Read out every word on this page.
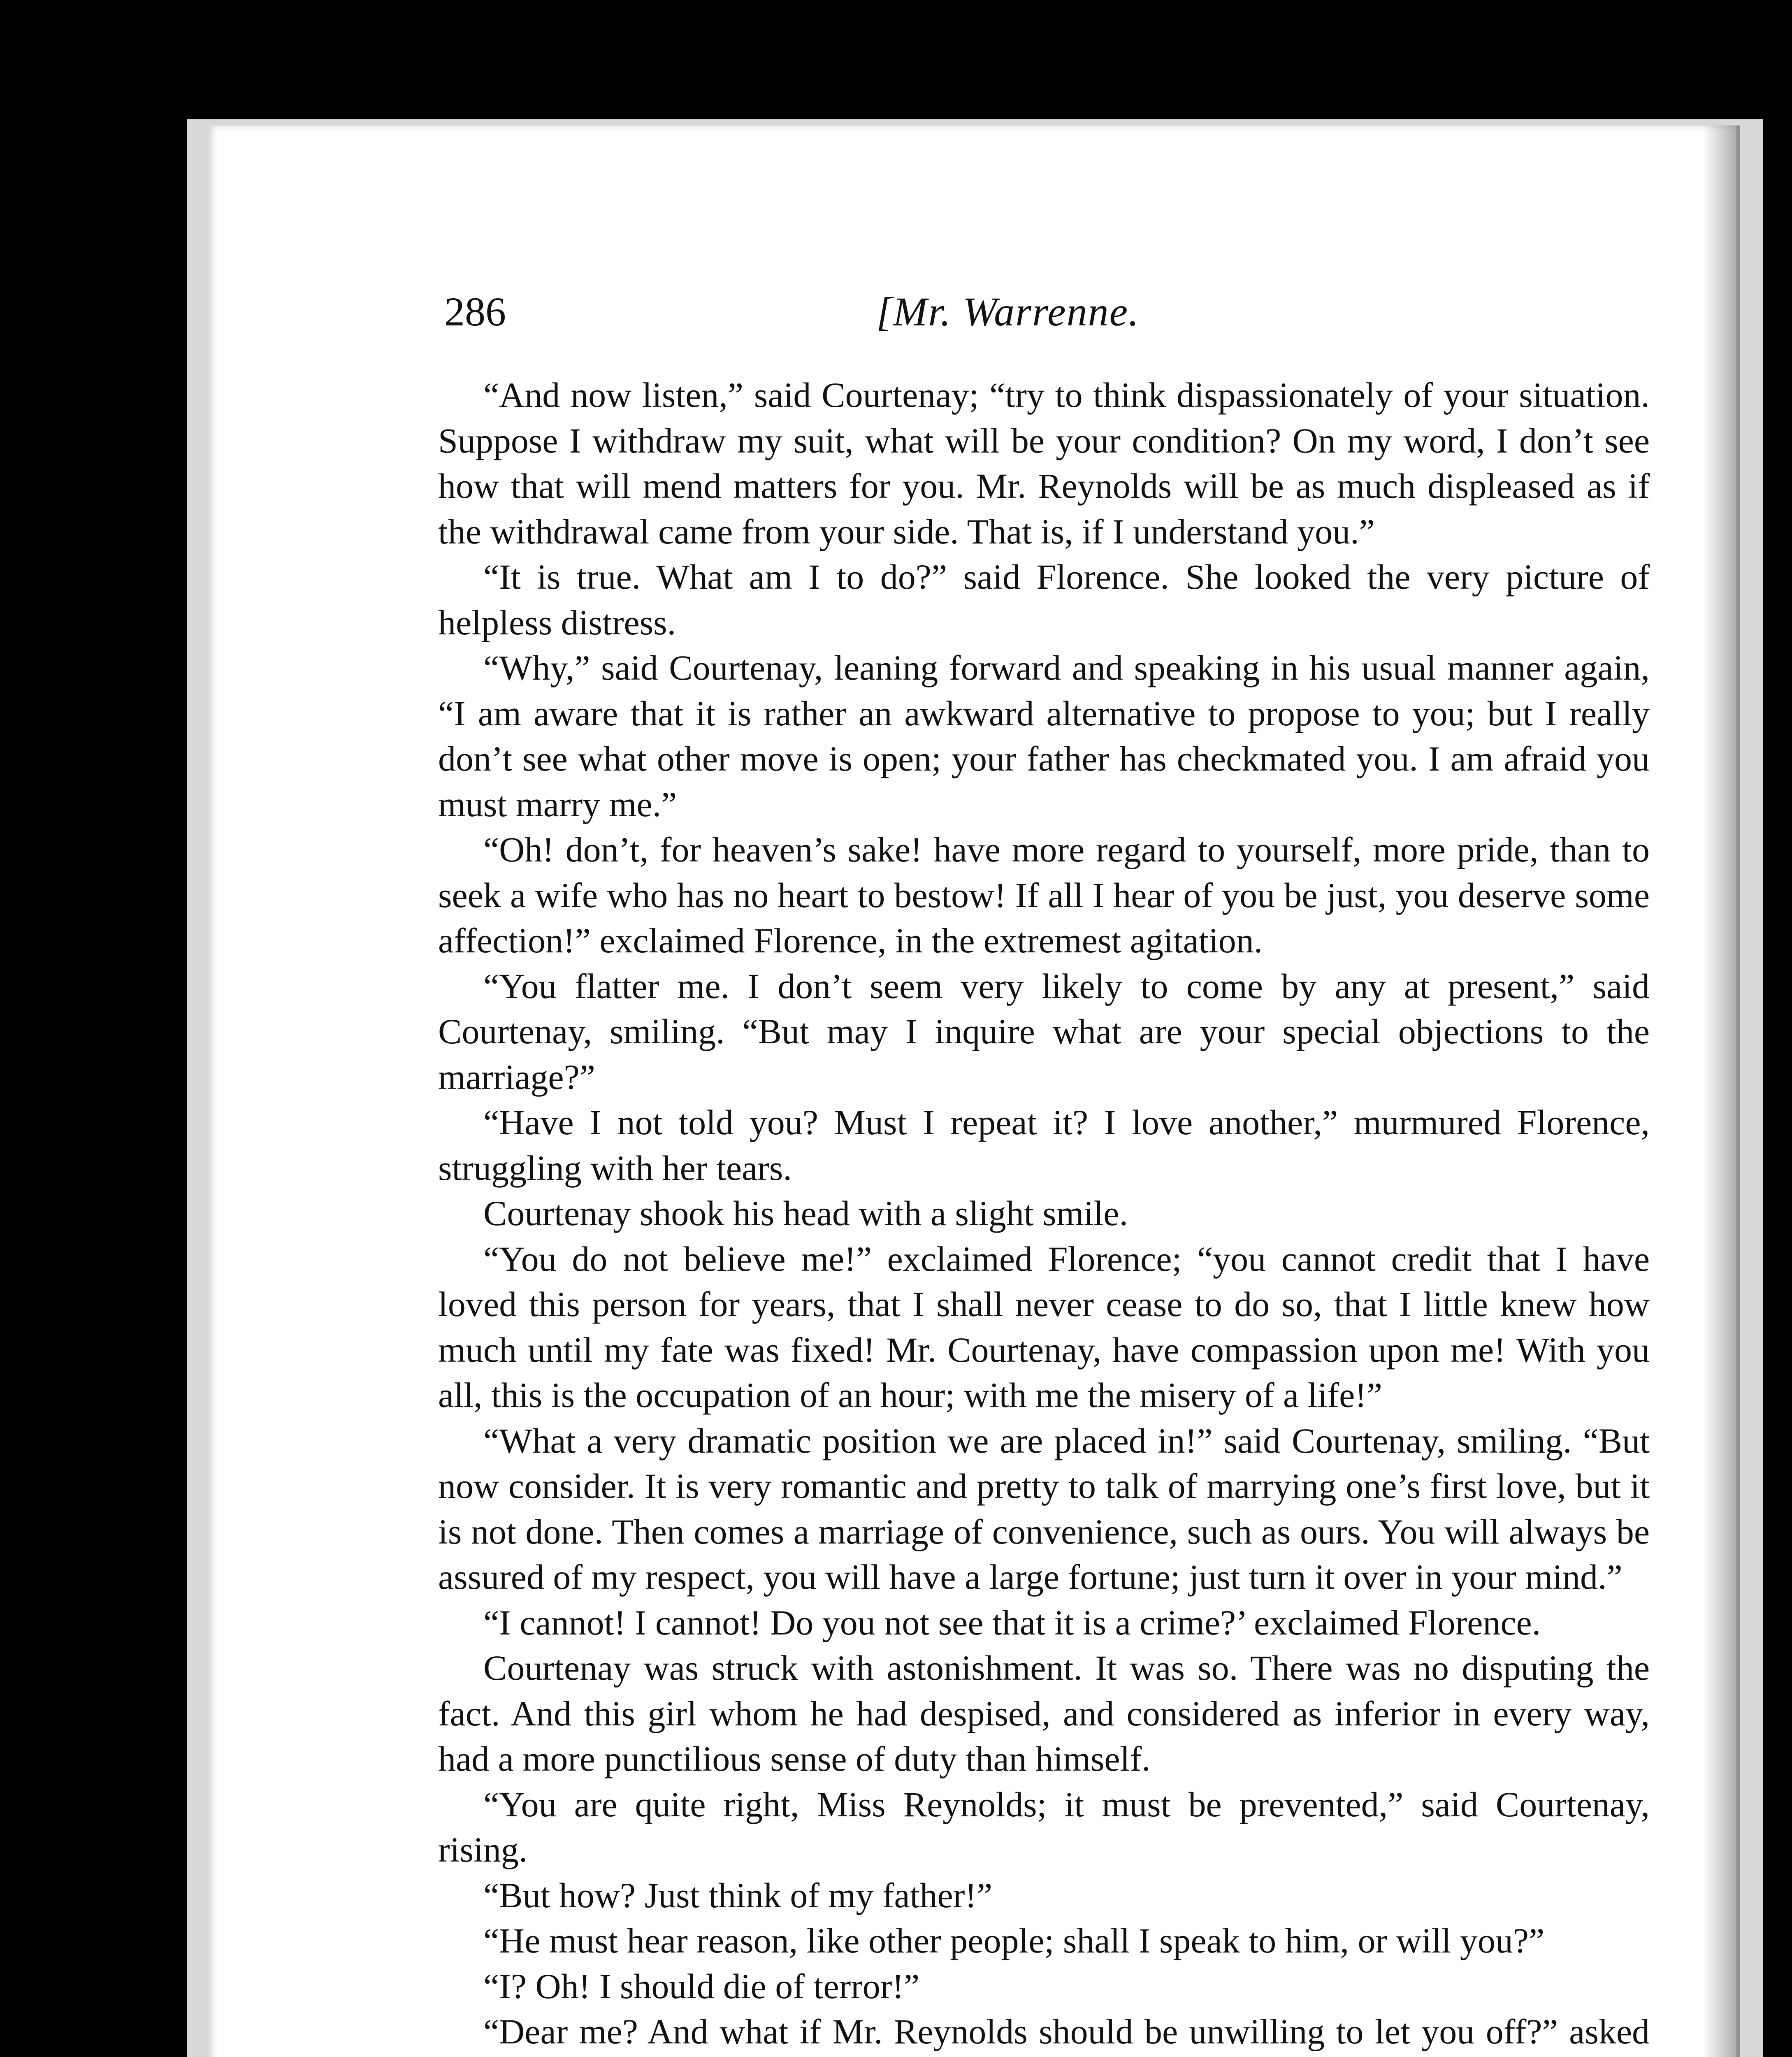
286	[Mr. Warrenne.

“And now listen,” said Courtenay; “try to think dispassionately of your situation. Suppose I withdraw my suit, what will be your condition? On my word, I don’t see how that will mend matters for you. Mr. Reynolds will be as much displeased as if the withdrawal came from your side. That is, if I understand you.”

“It is true. What am I to do?” said Florence. She looked the very picture of helpless distress.

“Why,” said Courtenay, leaning forward and speaking in his usual manner again, “I am aware that it is rather an awkward alternative to propose to you; but I really don’t see what other move is open; your father has checkmated you. I am afraid you must marry me.”

“Oh! don’t, for heaven’s sake! have more regard to yourself, more pride, than to seek a wife who has no heart to bestow! If all I hear of you be just, you deserve some affection!” exclaimed Florence, in the extremest agitation.

“You flatter me. I don’t seem very likely to come by any at present,” said Courtenay, smiling. “But may I inquire what are your special objections to the marriage?”

“Have I not told you? Must I repeat it? I love another,” murmured Florence, struggling with her tears.

Courtenay shook his head with a slight smile.

“You do not believe me!” exclaimed Florence; “you cannot credit that I have loved this person for years, that I shall never cease to do so, that I little knew how much until my fate was fixed! Mr. Courtenay, have compassion upon me! With you all, this is the occupation of an hour; with me the misery of a life!”

“What a very dramatic position we are placed in!” said Courtenay, smiling. “But now consider. It is very romantic and pretty to talk of marrying one’s first love, but it is not done. Then comes a marriage of convenience, such as ours. You will always be assured of my respect, you will have a large fortune; just turn it over in your mind.”

“I cannot! I cannot! Do you not see that it is a crime?’ exclaimed Florence.

Courtenay was struck with astonishment. It was so. There was no disputing the fact. And this girl whom he had despised, and considered as inferior in every way, had a more punctilious sense of duty than himself.

“You are quite right, Miss Reynolds; it must be prevented,” said Courtenay, rising.

“But how? Just think of my father!”

“He must hear reason, like other people; shall I speak to him, or will you?”

“I? Oh! I should die of terror!”

“Dear me? And what if Mr. Reynolds should be unwilling to let you off?” asked
